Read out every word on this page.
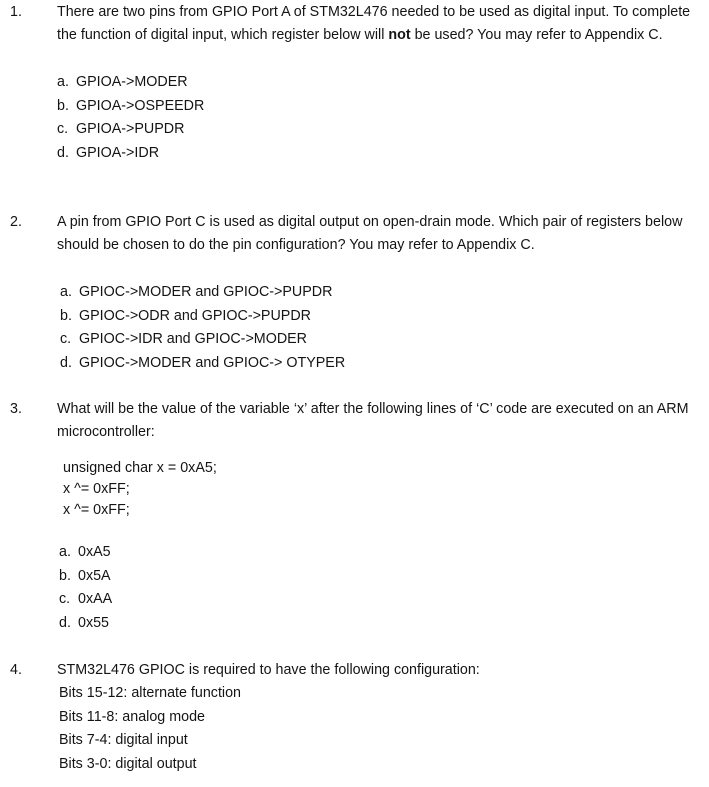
1.	There are two pins from GPIO Port A of STM32L476 needed to be used as digital input. To complete the function of digital input, which register below will not be used? You may refer to Appendix C.

a. GPIOA->MODER
b. GPIOA->OSPEEDR
c. GPIOA->PUPDR
d. GPIOA->IDR
2.	A pin from GPIO Port C is used as digital output on open-drain mode. Which pair of registers below should be chosen to do the pin configuration? You may refer to Appendix C.

a. GPIOC->MODER and GPIOC->PUPDR
b. GPIOC->ODR and GPIOC->PUPDR
c. GPIOC->IDR and GPIOC->MODER
d. GPIOC->MODER and GPIOC-> OTYPER
3.	What will be the value of the variable ‘x’ after the following lines of ‘C’ code are executed on an ARM microcontroller:

unsigned char x = 0xA5;
x ^= 0xFF;
x ^= 0xFF;
a. 0xA5
b. 0x5A
c. 0xAA
d. 0x55
4.	STM32L476 GPIOC is required to have the following configuration:

Bits 15-12: alternate function
Bits 11-8: analog mode
Bits 7-4: digital input
Bits 3-0: digital output
